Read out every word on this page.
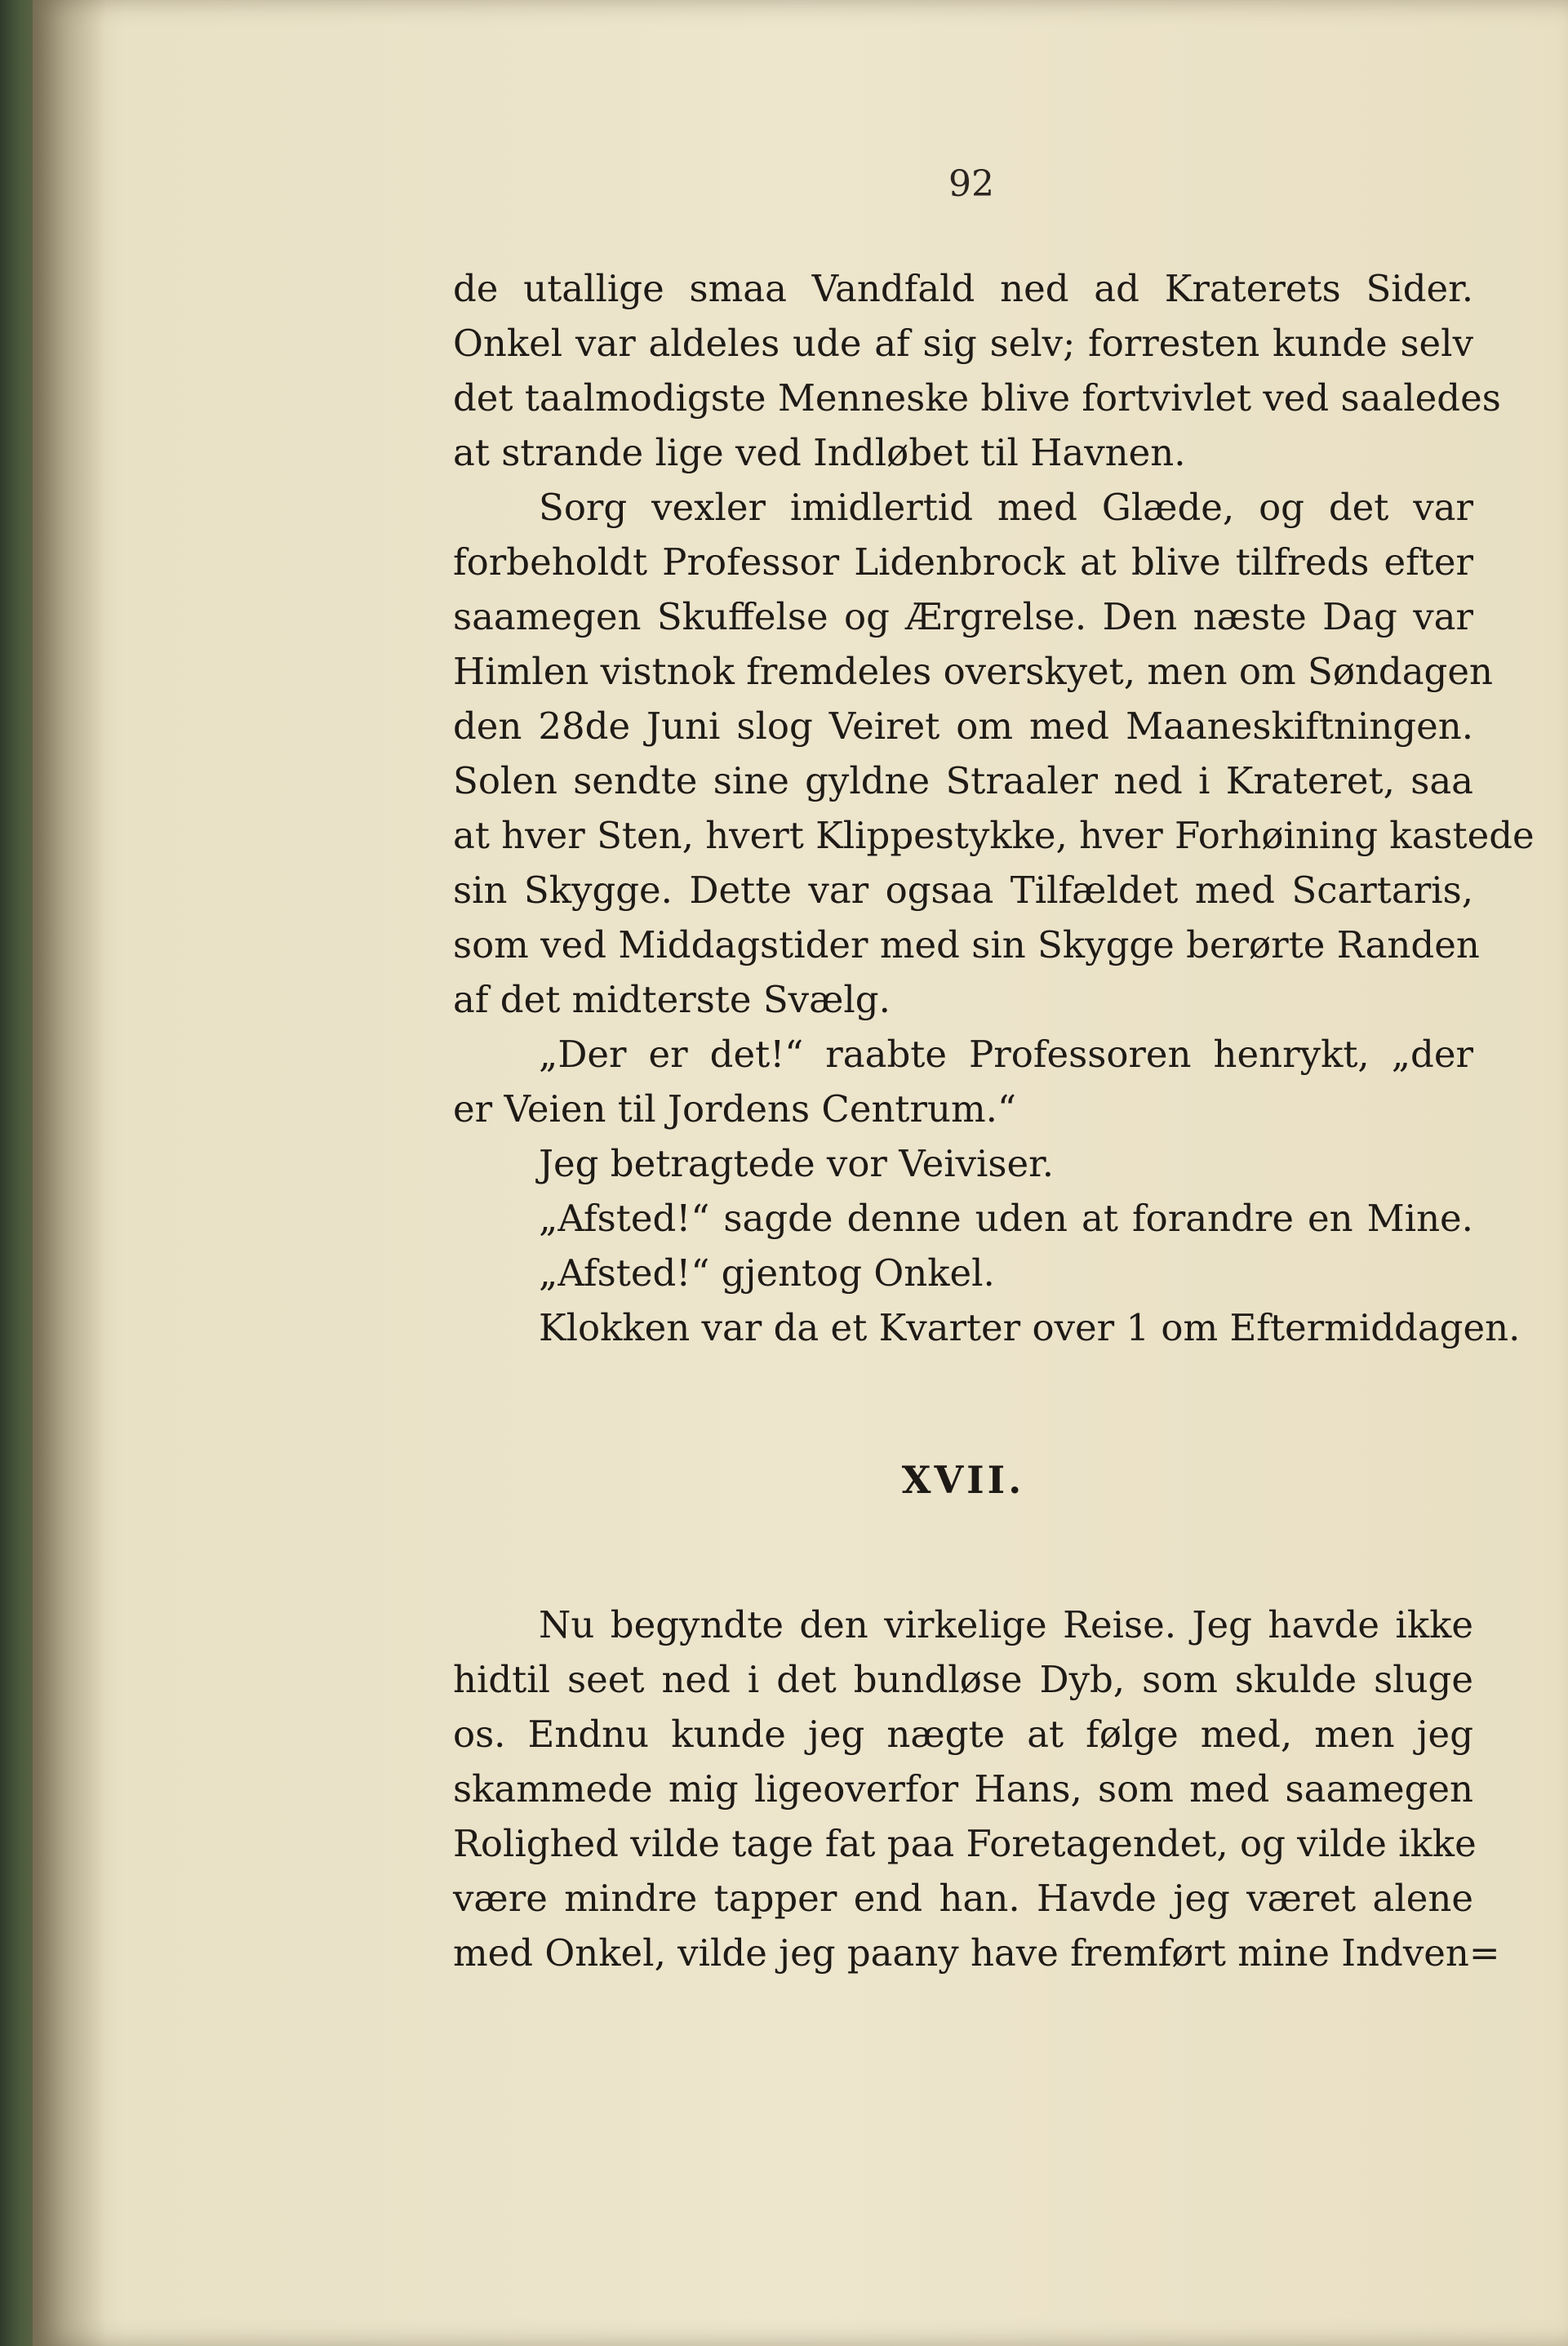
92
de utallige smaa Vandfald ned ad Kraterets Sider.
Onkel var aldeles ude af sig selv; forresten kunde selv
det taalmodigste Menneske blive fortvivlet ved saaledes
at strande lige ved Indløbet til Havnen.
Sorg vexler imidlertid med Glæde, og det var
forbeholdt Professor Lidenbrock at blive tilfreds efter
saamegen Skuffelse og Ærgrelse. Den næste Dag var
Himlen vistnok fremdeles overskyet, men om Søndagen
den 28de Juni slog Veiret om med Maaneskiftningen.
Solen sendte sine gyldne Straaler ned i Krateret, saa
at hver Sten, hvert Klippestykke, hver Forhøining kastede
sin Skygge. Dette var ogsaa Tilfældet med Scartaris,
som ved Middagstider med sin Skygge berørte Randen
af det midterste Svælg.
„Der er det!“ raabte Professoren henrykt, „der
er Veien til Jordens Centrum.“
Jeg betragtede vor Veiviser.
„Afsted!“ sagde denne uden at forandre en Mine.
„Afsted!“ gjentog Onkel.
Klokken var da et Kvarter over 1 om Eftermiddagen.
XVII.
Nu begyndte den virkelige Reise. Jeg havde ikke
hidtil seet ned i det bundløse Dyb, som skulde sluge
os. Endnu kunde jeg nægte at følge med, men jeg
skammede mig ligeoverfor Hans, som med saamegen
Rolighed vilde tage fat paa Foretagendet, og vilde ikke
være mindre tapper end han. Havde jeg været alene
med Onkel, vilde jeg paany have fremført mine Indven=
